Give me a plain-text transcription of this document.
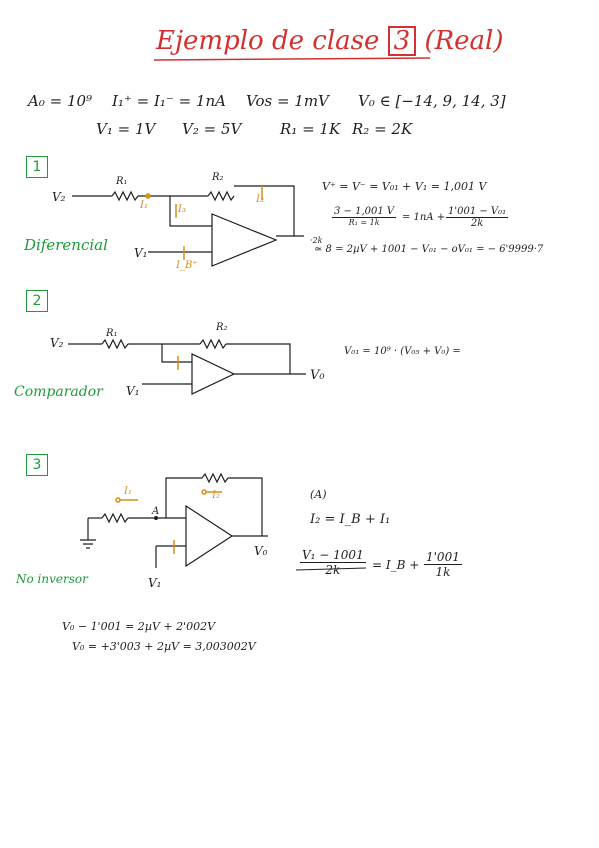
Ejemplo de clase 3 (Real)
A₀ = 10⁹ I₁⁺ = I₁⁻ = 1nA Vos = 1mV V₀ ∈ [−14, 9, 14, 3]
V₁ = 1V V₂ = 5V	R₁ = 1K R₂ = 2K
1
Diferencial
R₁	R₂
V₂
V₁
I₁	I₃
I₂
I_B⁺
·2k
V⁺ = V⁻ = V₀₁ + V₁ = 1,001 V
3 − 1,001 V
R₁ = 1k	= $1nA + \frac{\text{1'001 − V₀₁}}{2k}$
≃ 8 = 2µV + 1001 − V₀₁ − oV₀₁ = − 6'9999·7
2
Comparador
R₁
R₂
V₂
V₁
V₀
V₀₁ = 10⁹ · (V₀₅ + V₀) =
3
No inversor
I₁	I₂
A
V₁
V₀
(A)
I₂ = I_B + I₁
$\frac{\text{V₁ − 1001}}{2k}$ = I_B + $\frac{1'001}{1k}$
V₀ − 1'001 = 2µV + 2'002V
V₀ = +3'003 + 2µV = 3,003002V
